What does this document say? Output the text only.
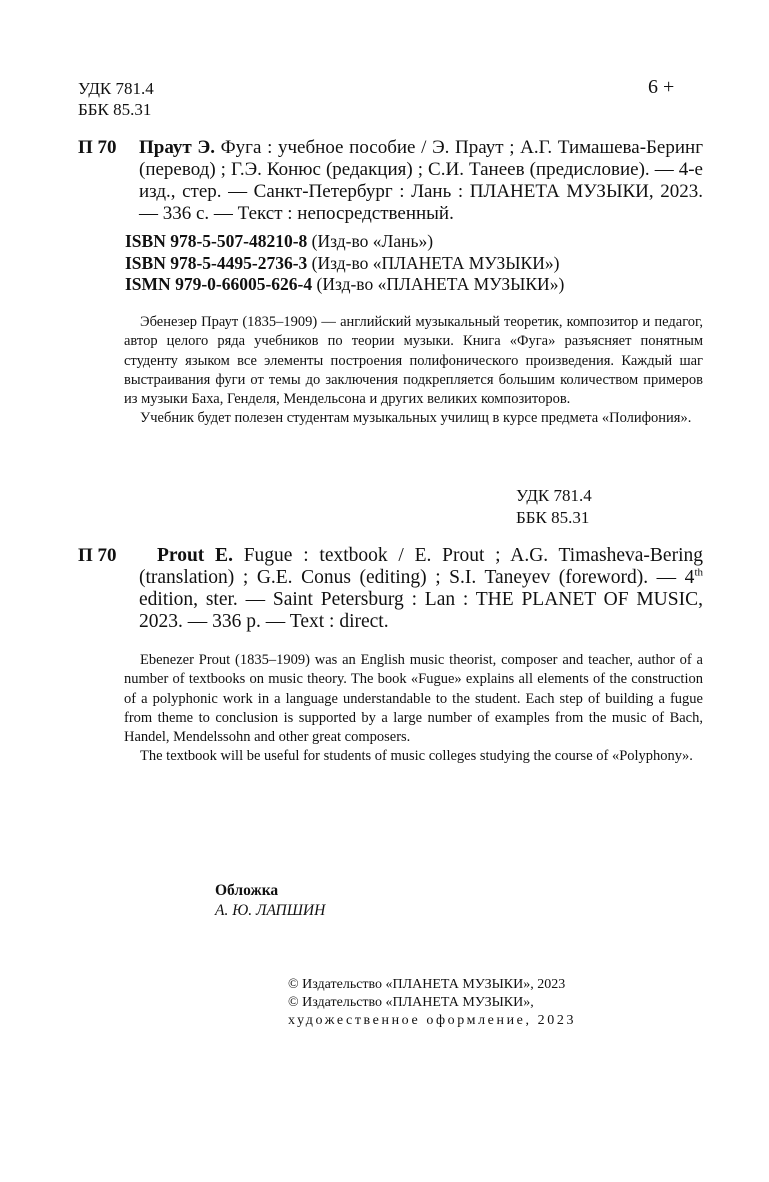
УДК 781.4
ББК 85.31
6 +
П 70 Праут Э. Фуга : учебное пособие / Э. Праут ; А.Г. Тимашева-Беринг (перевод) ; Г.Э. Конюс (редакция) ; С.И. Танеев (предисловие). — 4-е изд., стер. — Санкт-Петербург : Лань : ПЛАНЕТА МУЗЫКИ, 2023. — 336 с. — Текст : непосредственный.
ISBN 978-5-507-48210-8 (Изд-во «Лань»)
ISBN 978-5-4495-2736-3 (Изд-во «ПЛАНЕТА МУЗЫКИ»)
ISMN 979-0-66005-626-4 (Изд-во «ПЛАНЕТА МУЗЫКИ»)

Эбенезер Праут (1835–1909) — английский музыкальный теоретик, композитор и педагог, автор целого ряда учебников по теории музыки. Книга «Фуга» разъясняет понятным студенту языком все элементы построения полифонического произведения. Каждый шаг выстраивания фуги от темы до заключения подкрепляется большим количеством примеров из музыки Баха, Генделя, Мендельсона и других великих композиторов.

Учебник будет полезен студентам музыкальных училищ в курсе предмета «Полифония».

УДК 781.4
ББК 85.31
П 70	Prout E. Fugue : textbook / E. Prout ; A.G. Timasheva-Bering (translation) ; G.E. Conus (editing) ; S.I. Taneyev (foreword). — 4th edition, ster. — Saint Petersburg : Lan : THE PLANET OF MUSIC, 2023. — 336 p. — Text : direct.

Ebenezer Prout (1835–1909) was an English music theorist, composer and teacher, author of a number of textbooks on music theory. The book «Fugue» explains all elements of the construction of a polyphonic work in a language understandable to the student. Each step of building a fugue from theme to conclusion is supported by a large number of examples from the music of Bach, Handel, Mendelssohn and other great composers.

The textbook will be useful for students of music colleges studying the course of «Polyphony».

Обложка
А. Ю. ЛАПШИН
© Издательство «ПЛАНЕТА МУЗЫКИ», 2023
© Издательство «ПЛАНЕТА МУЗЫКИ»,
художественное оформление, 2023
